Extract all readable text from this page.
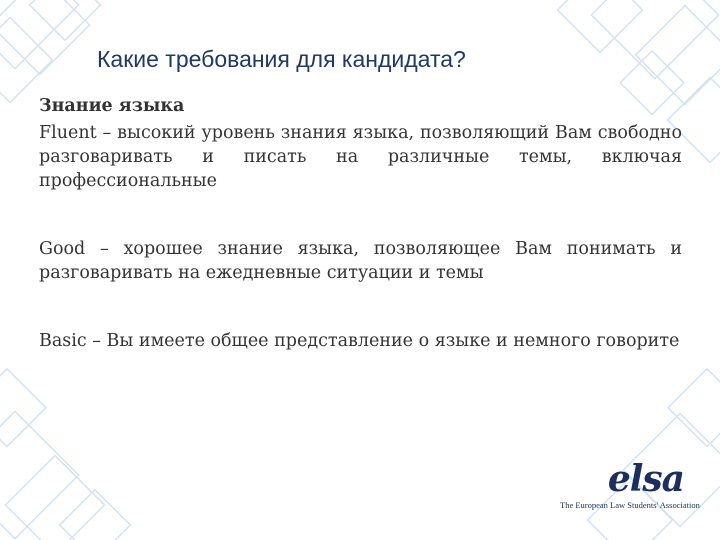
Какие требования для кандидата?

Знание языка

Fluent – высокий уровень знания языка, позволяющий Вам свободно разговаривать и писать на различные темы, включая профессиональные

Good – хорошее знание языка, позволяющее Вам понимать и разговаривать на ежедневные ситуации и темы

Basic – Вы имеете общее представление о языке и немного говорите

elsa
The European Law Students' Association
